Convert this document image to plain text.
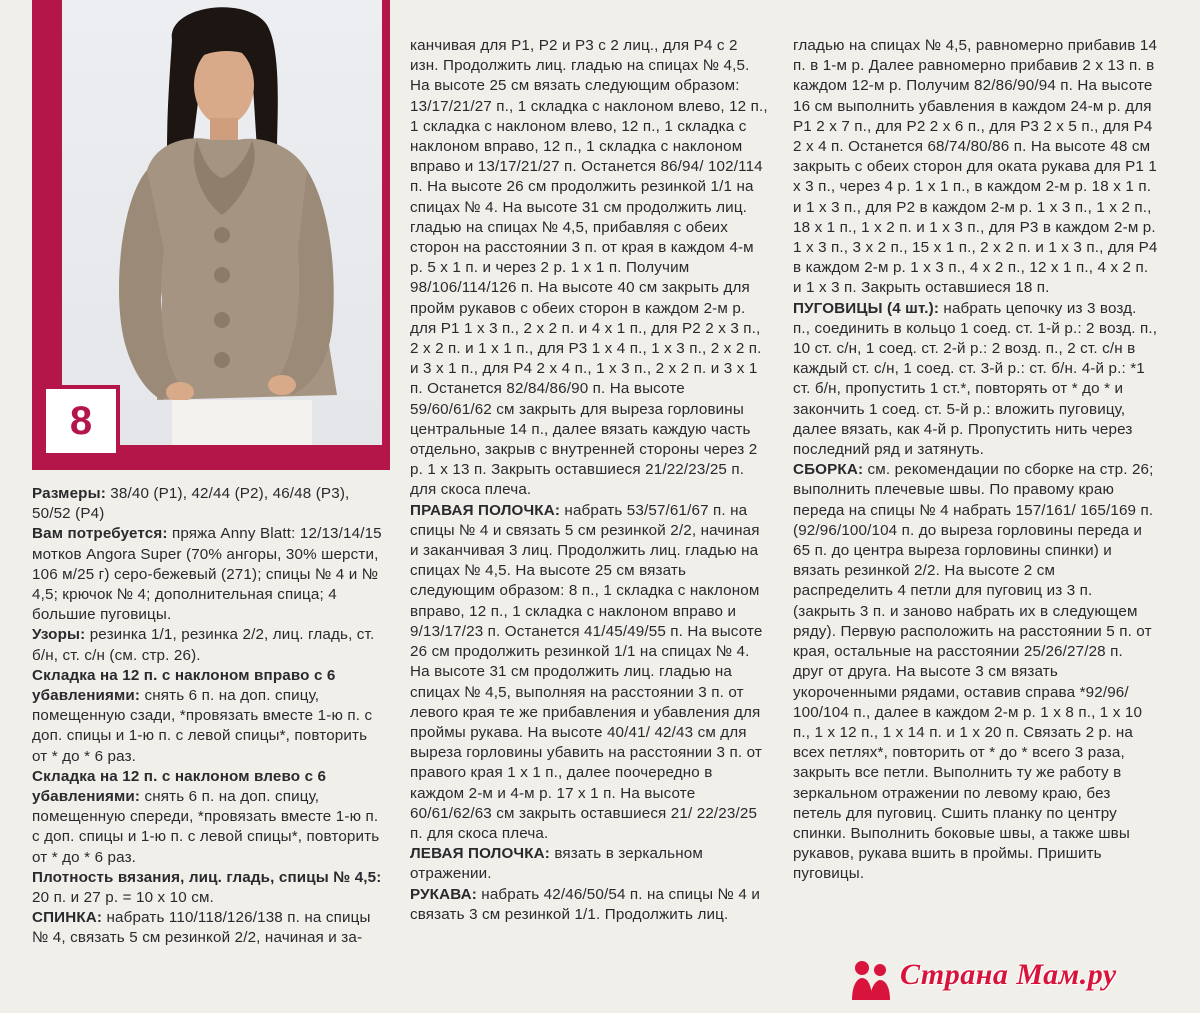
8

Размеры: 38/40 (Р1), 42/44 (Р2), 46/48 (Р3), 50/52 (Р4)

Вам потребуется: пряжа Anny Blatt: 12/13/14/15 мотков Angora Super (70% ангоры, 30% шерсти, 106 м/25 г) серо-бежевый (271); спицы № 4 и № 4,5; крючок № 4; дополнительная спица; 4 большие пуговицы.

Узоры: резинка 1/1, резинка 2/2, лиц. гладь, ст. б/н, ст. с/н (см. стр. 26).

Складка на 12 п. с наклоном вправо с 6 убавлениями: снять 6 п. на доп. спицу, помещенную сзади, *провязать вместе 1-ю п. с доп. спицы и 1-ю п. с левой спицы*, повторить от * до * 6 раз.

Складка на 12 п. с наклоном влево с 6 убавлениями: снять 6 п. на доп. спицу, помещенную спереди, *провязать вместе 1-ю п. с доп. спицы и 1-ю п. с левой спицы*, повторить от * до * 6 раз.

Плотность вязания, лиц. гладь, спицы № 4,5: 20 п. и 27 р. = 10 х 10 см.

СПИНКА: набрать 110/118/126/138 п. на спицы № 4, связать 5 см резинкой 2/2, начиная и за-

канчивая для Р1, Р2 и Р3 с 2 лиц., для Р4 с 2 изн. Продолжить лиц. гладью на спицах № 4,5. На высоте 25 см вязать следующим образом: 13/17/21/27 п., 1 складка с наклоном влево, 12 п., 1 складка с наклоном влево, 12 п., 1 складка с наклоном вправо, 12 п., 1 складка с наклоном вправо и 13/17/21/27 п. Останется 86/94/ 102/114 п. На высоте 26 см продолжить резинкой 1/1 на спицах № 4. На высоте 31 см продолжить лиц. гладью на спицах № 4,5, прибавляя с обеих сторон на расстоянии 3 п. от края в каждом 4-м р. 5 х 1 п. и через 2 р. 1 х 1 п. Получим 98/106/114/126 п. На высоте 40 см закрыть для пройм рукавов с обеих сторон в каждом 2-м р. для Р1 1 х 3 п., 2 х 2 п. и 4 х 1 п., для Р2 2 х 3 п., 2 х 2 п. и 1 х 1 п., для Р3 1 х 4 п., 1 х 3 п., 2 х 2 п. и 3 х 1 п., для Р4 2 х 4 п., 1 х 3 п., 2 х 2 п. и 3 х 1 п. Останется 82/84/86/90 п. На высоте 59/60/61/62 см закрыть для выреза горловины центральные 14 п., далее вязать каждую часть отдельно, закрыв с внутренней стороны через 2 р. 1 х 13 п. Закрыть оставшиеся 21/22/23/25 п. для скоса плеча.

ПРАВАЯ ПОЛОЧКА: набрать 53/57/61/67 п. на спицы № 4 и связать 5 см резинкой 2/2, начиная и заканчивая 3 лиц. Продолжить лиц. гладью на спицах № 4,5. На высоте 25 см вязать следующим образом: 8 п., 1 складка с наклоном вправо, 12 п., 1 складка с наклоном вправо и 9/13/17/23 п. Останется 41/45/49/55 п. На высоте 26 см продолжить резинкой 1/1 на спицах № 4. На высоте 31 см продолжить лиц. гладью на спицах № 4,5, выполняя на расстоянии 3 п. от левого края те же прибавления и убавления для проймы рукава. На высоте 40/41/ 42/43 см для выреза горловины убавить на расстоянии 3 п. от правого края 1 х 1 п., далее поочередно в каждом 2-м и 4-м р. 17 х 1 п. На высоте 60/61/62/63 см закрыть оставшиеся 21/ 22/23/25 п. для скоса плеча.

ЛЕВАЯ ПОЛОЧКА: вязать в зеркальном отражении.

РУКАВА: набрать 42/46/50/54 п. на спицы № 4 и связать 3 см резинкой 1/1. Продолжить лиц.

гладью на спицах № 4,5, равномерно прибавив 14 п. в 1-м р. Далее равномерно прибавив 2 х 13 п. в каждом 12-м р. Получим 82/86/90/94 п. На высоте 16 см выполнить убавления в каждом 24-м р. для Р1 2 х 7 п., для Р2 2 х 6 п., для Р3 2 х 5 п., для Р4 2 х 4 п. Останется 68/74/80/86 п. На высоте 48 см закрыть с обеих сторон для оката рукава для Р1 1 х 3 п., через 4 р. 1 х 1 п., в каждом 2-м р. 18 х 1 п. и 1 х 3 п., для Р2 в каждом 2-м р. 1 х 3 п., 1 х 2 п., 18 х 1 п., 1 х 2 п. и 1 х 3 п., для Р3 в каждом 2-м р. 1 х 3 п., 3 х 2 п., 15 х 1 п., 2 х 2 п. и 1 х 3 п., для Р4 в каждом 2-м р. 1 х 3 п., 4 х 2 п., 12 х 1 п., 4 х 2 п. и 1 х 3 п. Закрыть оставшиеся 18 п.

ПУГОВИЦЫ (4 шт.): набрать цепочку из 3 возд. п., соединить в кольцо 1 соед. ст. 1-й р.: 2 возд. п., 10 ст. с/н, 1 соед. ст. 2-й р.: 2 возд. п., 2 ст. с/н в каждый ст. с/н, 1 соед. ст. 3-й р.: ст. б/н. 4-й р.: *1 ст. б/н, пропустить 1 ст.*, повторять от * до * и закончить 1 соед. ст. 5-й р.: вложить пуговицу, далее вязать, как 4-й р. Пропустить нить через последний ряд и затянуть.

СБОРКА: см. рекомендации по сборке на стр. 26; выполнить плечевые швы. По правому краю переда на спицы № 4 набрать 157/161/ 165/169 п. (92/96/100/104 п. до выреза горловины переда и 65 п. до центра выреза горловины спинки) и вязать резинкой 2/2. На высоте 2 см распределить 4 петли для пуговиц из 3 п. (закрыть 3 п. и заново набрать их в следующем ряду). Первую расположить на расстоянии 5 п. от края, остальные на расстоянии 25/26/27/28 п. друг от друга. На высоте 3 см вязать укороченными рядами, оставив справа *92/96/ 100/104 п., далее в каждом 2-м р. 1 х 8 п., 1 х 10 п., 1 х 12 п., 1 х 14 п. и 1 х 20 п. Связать 2 р. на всех петлях*, повторить от * до * всего 3 раза, закрыть все петли. Выполнить ту же работу в зеркальном отражении по левому краю, без петель для пуговиц. Сшить планку по центру спинки. Выполнить боковые швы, а также швы рукавов, рукава вшить в проймы. Пришить пуговицы.

Страна Мам.ру
